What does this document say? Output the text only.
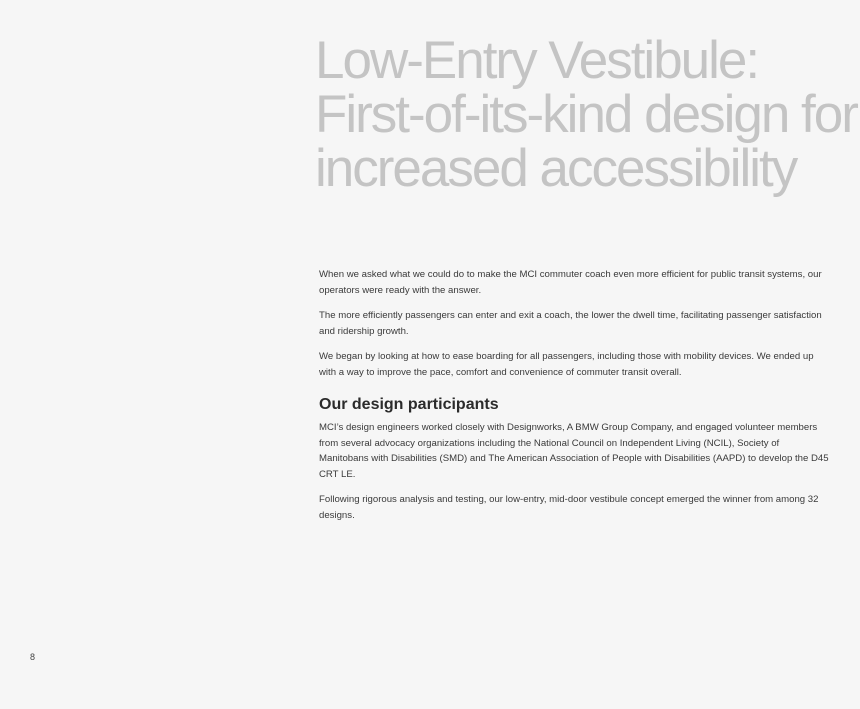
Low-Entry Vestibule:
First-of-its-kind design for
increased accessibility

When we asked what we could do to make the MCI commuter coach even more efficient for public transit systems, our operators were ready with the answer.

The more efficiently passengers can enter and exit a coach, the lower the dwell time, facilitating passenger satisfaction and ridership growth.

We began by looking at how to ease boarding for all passengers, including those with mobility devices. We ended up with a way to improve the pace, comfort and convenience of commuter transit overall.

Our design participants

MCI’s design engineers worked closely with Designworks, A BMW Group Company, and engaged volunteer members from several advocacy organizations including the National Council on Independent Living (NCIL), Society of Manitobans with Disabilities (SMD) and The American Association of People with Disabilities (AAPD) to develop the D45 CRT LE.

Following rigorous analysis and testing, our low-entry, mid-door vestibule concept emerged the winner from among 32 designs.

8
